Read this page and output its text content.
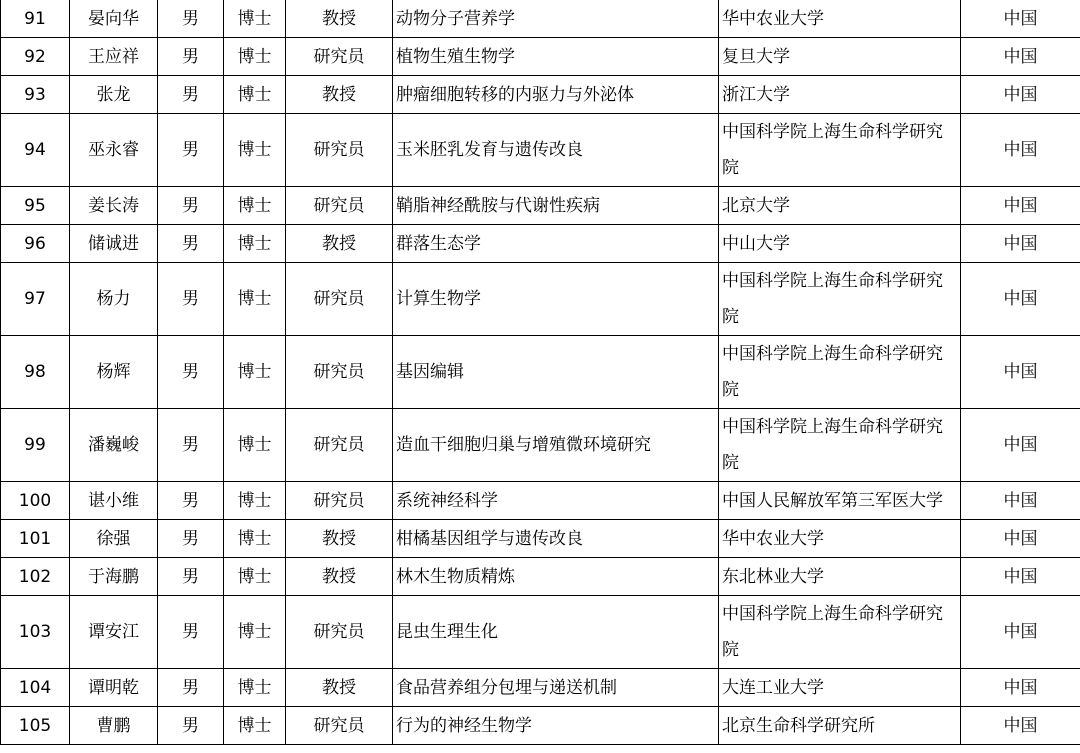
91	晏向华	男	博士	教授	动物分子营养学	华中农业大学	中国
92	王应祥	男	博士	研究员	植物生殖生物学	复旦大学	中国
93	张龙	男	博士	教授	肿瘤细胞转移的内驱力与外泌体	浙江大学	中国
94	巫永睿	男	博士	研究员	玉米胚乳发育与遗传改良	中国科学院上海生命科学研究院	中国
95	姜长涛	男	博士	研究员	鞘脂神经酰胺与代谢性疾病	北京大学	中国
96	储诚进	男	博士	教授	群落生态学	中山大学	中国
97	杨力	男	博士	研究员	计算生物学	中国科学院上海生命科学研究院	中国
98	杨辉	男	博士	研究员	基因编辑	中国科学院上海生命科学研究院	中国
99	潘巍峻	男	博士	研究员	造血干细胞归巢与增殖微环境研究	中国科学院上海生命科学研究院	中国
100	谌小维	男	博士	研究员	系统神经科学	中国人民解放军第三军医大学	中国
101	徐强	男	博士	教授	柑橘基因组学与遗传改良	华中农业大学	中国
102	于海鹏	男	博士	教授	林木生物质精炼	东北林业大学	中国
103	谭安江	男	博士	研究员	昆虫生理生化	中国科学院上海生命科学研究院	中国
104	谭明乾	男	博士	教授	食品营养组分包埋与递送机制	大连工业大学	中国
105	曹鹏	男	博士	研究员	行为的神经生物学	北京生命科学研究所	中国
